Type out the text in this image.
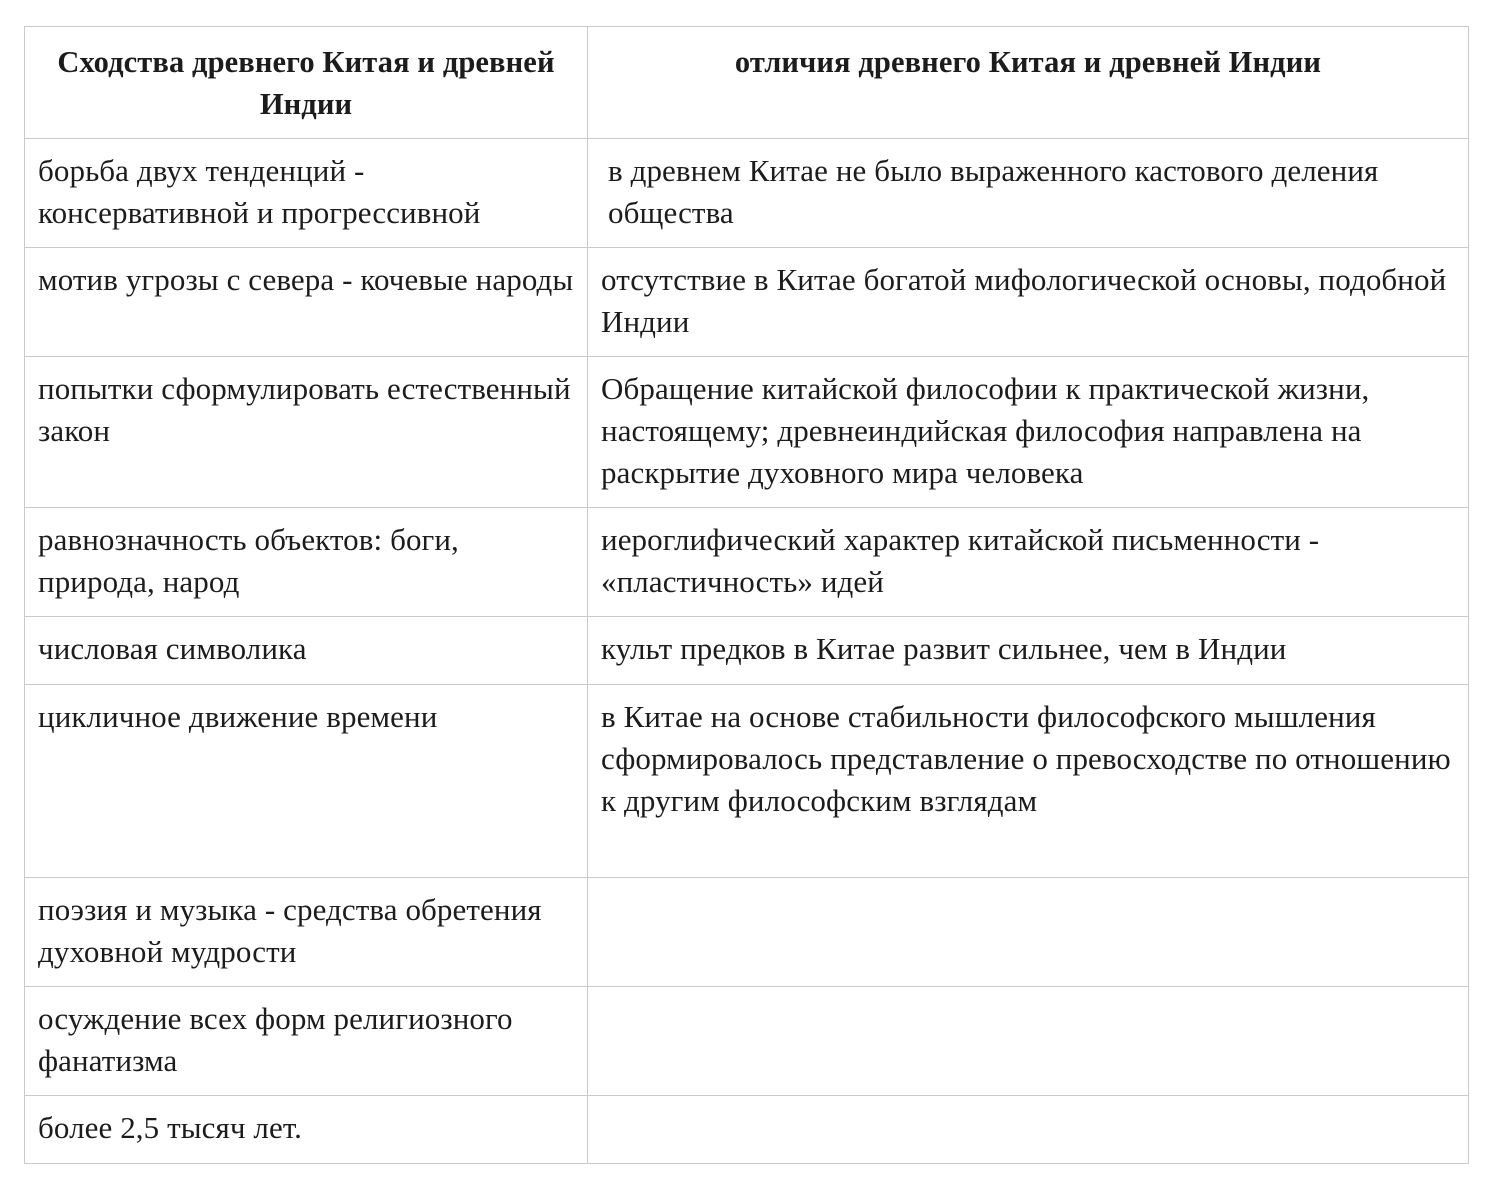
Сходства древнего Китая и древней Индии	отличия древнего Китая и древней Индии
борьба двух тенденций - консервативной и прогрессивной	в древнем Китае не было выраженного кастового деления общества
мотив угрозы с севера - кочевые народы	отсутствие в Китае богатой мифологической основы, подобной Индии
попытки сформулировать естественный закон	Обращение китайской философии к практической жизни, настоящему; древнеиндийская философия направлена на раскрытие духовного мира человека
равнозначность объектов: боги, природа, народ	иероглифический характер китайской письменности - «пластичность» идей
числовая символика	культ предков в Китае развит сильнее, чем в Индии
цикличное движение времени	в Китае на основе стабильности философского мышления сформировалось представление о превосходстве по отношению к другим философским взглядам
поэзия и музыка - средства обретения духовной мудрости	
осуждение всех форм религиозного фанатизма	
более 2,5 тысяч лет.	
